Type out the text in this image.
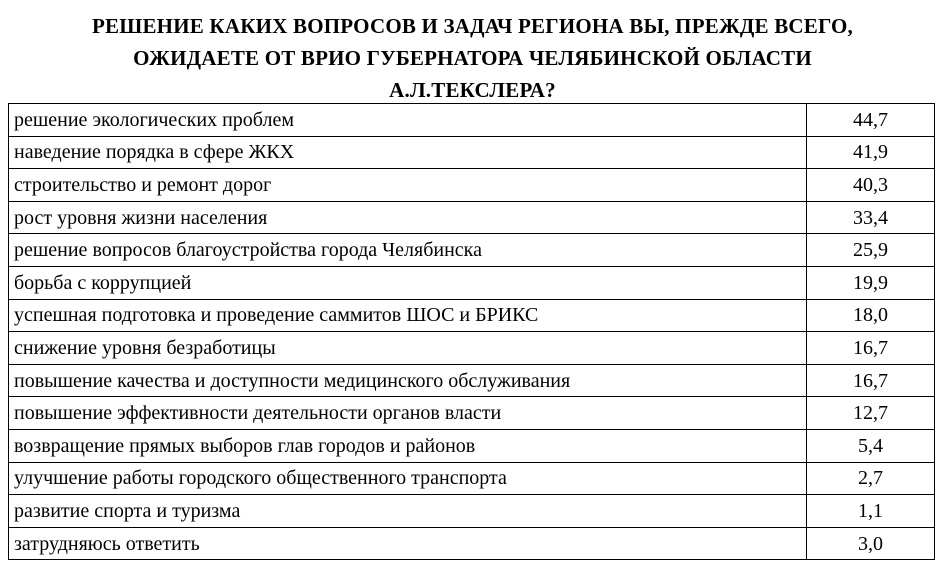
РЕШЕНИЕ КАКИХ ВОПРОСОВ И ЗАДАЧ РЕГИОНА ВЫ, ПРЕЖДЕ ВСЕГО,
ОЖИДАЕТЕ ОТ ВРИО ГУБЕРНАТОРА ЧЕЛЯБИНСКОЙ ОБЛАСТИ
А.Л.ТЕКСЛЕРА?
решение экологических проблем	44,7
наведение порядка в сфере ЖКХ	41,9
строительство и ремонт дорог	40,3
рост уровня жизни населения	33,4
решение вопросов благоустройства города Челябинска	25,9
борьба с коррупцией	19,9
успешная подготовка и проведение саммитов ШОС и БРИКС	18,0
снижение уровня безработицы	16,7
повышение качества и доступности медицинского обслуживания	16,7
повышение эффективности деятельности органов власти	12,7
возвращение прямых выборов глав городов и районов	5,4
улучшение работы городского общественного транспорта	2,7
развитие спорта и туризма	1,1
затрудняюсь ответить	3,0
